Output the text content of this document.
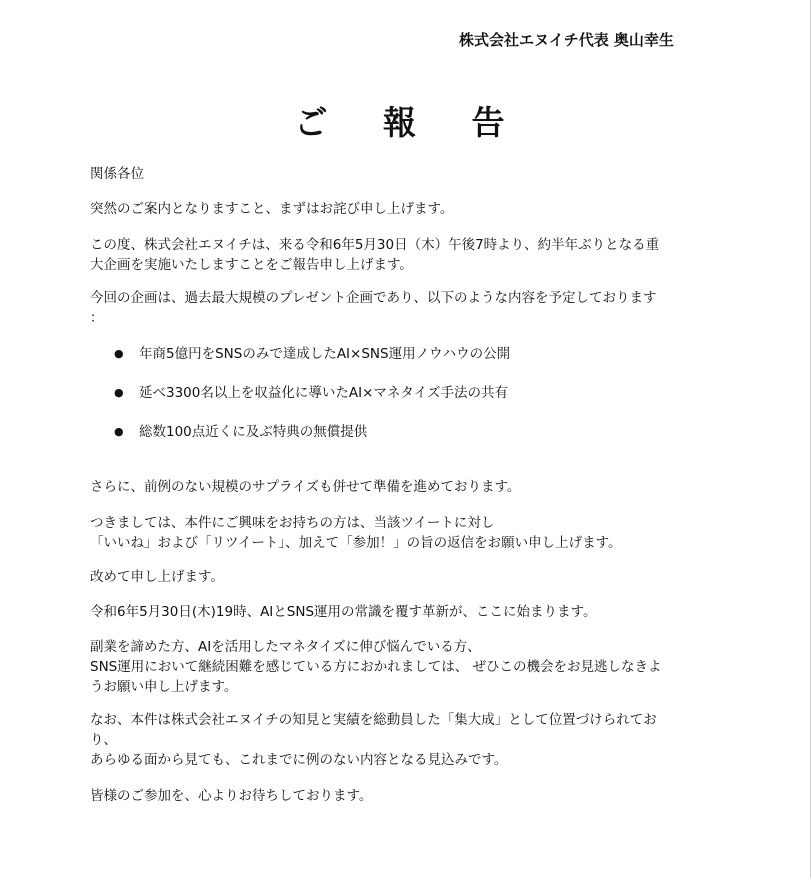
株式会社エヌイチ代表 奥山幸生
ご 報 告

関係各位

突然のご案内となりますこと、まずはお詫び申し上げます。

この度、株式会社エヌイチは、来る令和6年5月30日（木）午後7時より、約半年ぶりとなる重
大企画を実施いたしますことをご報告申し上げます。
今回の企画は、過去最大規模のプレゼント企画であり、以下のような内容を予定しております
：
● 年商5億円をSNSのみで達成したAI×SNS運用ノウハウの公開
● 延べ3300名以上を収益化に導いたAI×マネタイズ手法の共有
● 総数100点近くに及ぶ特典の無償提供

さらに、前例のない規模のサプライズも併せて準備を進めております。

つきましては、本件にご興味をお持ちの方は、当該ツイートに対し
「いいね」および「リツイート」、加えて「参加！」の旨の返信をお願い申し上げます。

改めて申し上げます。

令和6年5月30日(木)19時、AIとSNS運用の常識を覆す革新が、ここに始まります。

副業を諦めた方、AIを活用したマネタイズに伸び悩んでいる方、
SNS運用において継続困難を感じている方におかれましては、 ぜひこの機会をお見逃しなきよ
うお願い申し上げます。
なお、本件は株式会社エヌイチの知見と実績を総動員した「集大成」として位置づけられてお
り、
あらゆる面から見ても、これまでに例のない内容となる見込みです。

皆様のご参加を、心よりお待ちしております。
